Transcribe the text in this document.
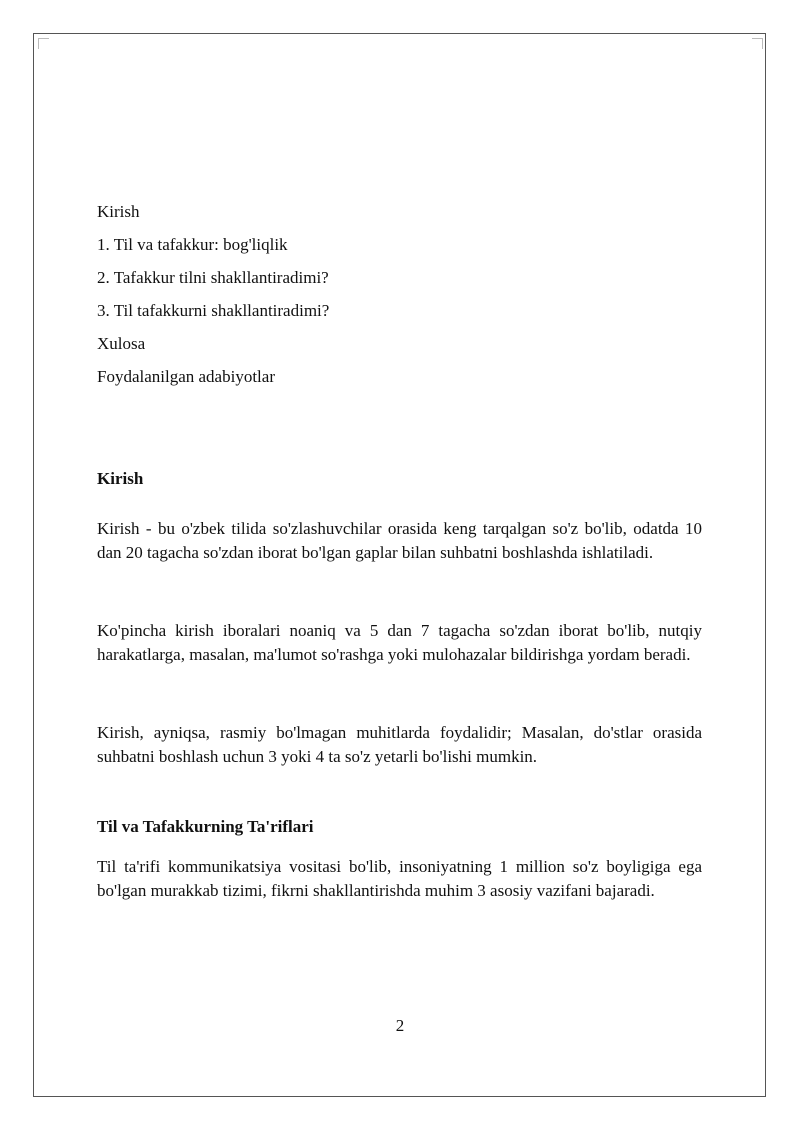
Kirish
1. Til va tafakkur: bog'liqlik
2. Tafakkur tilni shakllantiradimi?
3. Til tafakkurni shakllantiradimi?
Xulosa
Foydalanilgan adabiyotlar
Kirish

Kirish - bu o'zbek tilida so'zlashuvchilar orasida keng tarqalgan so'z bo'lib, odatda 10 dan 20 tagacha so'zdan iborat bo'lgan gaplar bilan suhbatni boshlashda ishlatiladi.

Ko'pincha kirish iboralari noaniq va 5 dan 7 tagacha so'zdan iborat bo'lib, nutqiy harakatlarga, masalan, ma'lumot so'rashga yoki mulohazalar bildirishga yordam beradi.

Kirish, ayniqsa, rasmiy bo'lmagan muhitlarda foydalidir; Masalan, do'stlar orasida suhbatni boshlash uchun 3 yoki 4 ta so'z yetarli bo'lishi mumkin.

Til va Tafakkurning Ta'riflari

Til ta'rifi kommunikatsiya vositasi bo'lib, insoniyatning 1 million so'z boyligiga ega bo'lgan murakkab tizimi, fikrni shakllantirishda muhim 3 asosiy vazifani bajaradi.

2
